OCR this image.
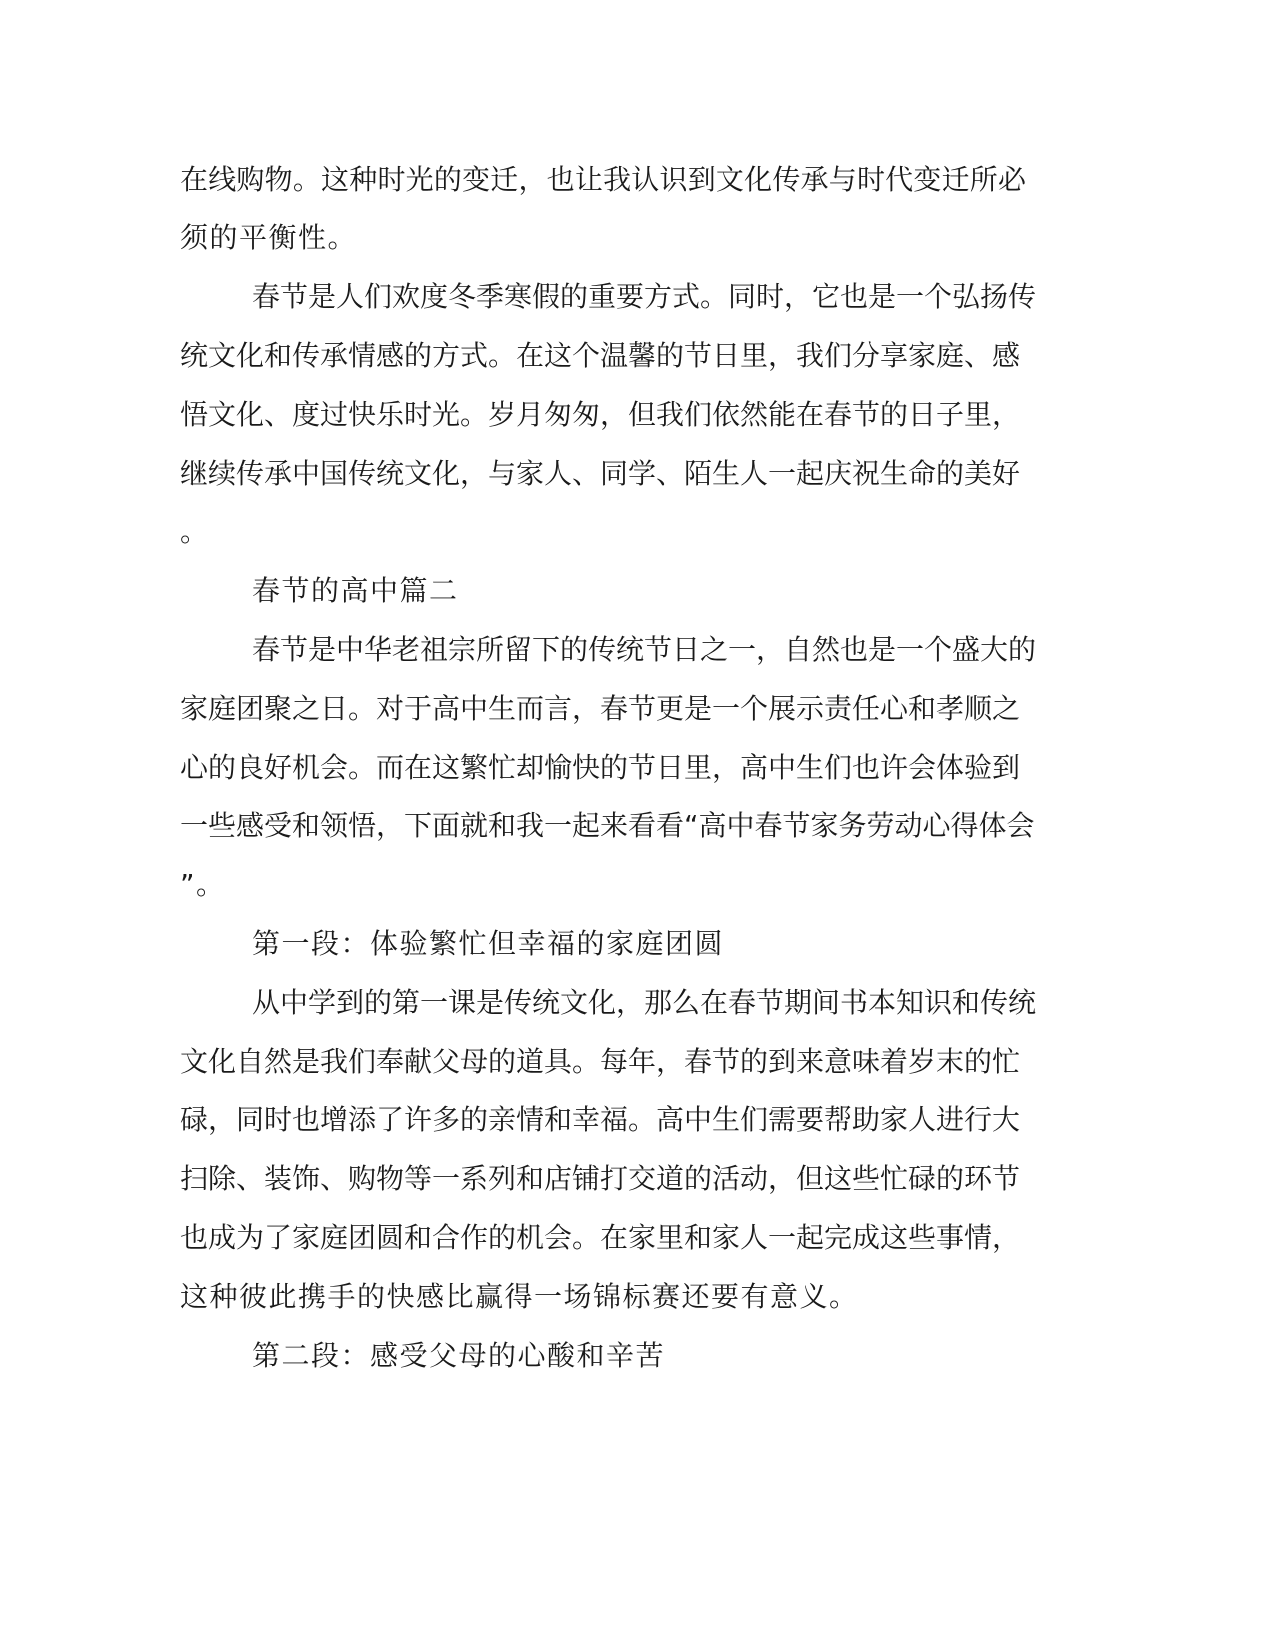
在线购物。这种时光的变迁，也让我认识到文化传承与时代变迁所必
须的平衡性。
春节是人们欢度冬季寒假的重要方式。同时，它也是一个弘扬传
统文化和传承情感的方式。在这个温馨的节日里，我们分享家庭、感
悟文化、度过快乐时光。岁月匆匆，但我们依然能在春节的日子里，
继续传承中国传统文化，与家人、同学、陌生人一起庆祝生命的美好
。
春节的高中篇二
春节是中华老祖宗所留下的传统节日之一，自然也是一个盛大的
家庭团聚之日。对于高中生而言，春节更是一个展示责任心和孝顺之
心的良好机会。而在这繁忙却愉快的节日里，高中生们也许会体验到
一些感受和领悟，下面就和我一起来看看“高中春节家务劳动心得体会
”。
第一段：体验繁忙但幸福的家庭团圆
从中学到的第一课是传统文化，那么在春节期间书本知识和传统
文化自然是我们奉献父母的道具。每年，春节的到来意味着岁末的忙
碌，同时也增添了许多的亲情和幸福。高中生们需要帮助家人进行大
扫除、装饰、购物等一系列和店铺打交道的活动，但这些忙碌的环节
也成为了家庭团圆和合作的机会。在家里和家人一起完成这些事情，
这种彼此携手的快感比赢得一场锦标赛还要有意义。
第二段：感受父母的心酸和辛苦
